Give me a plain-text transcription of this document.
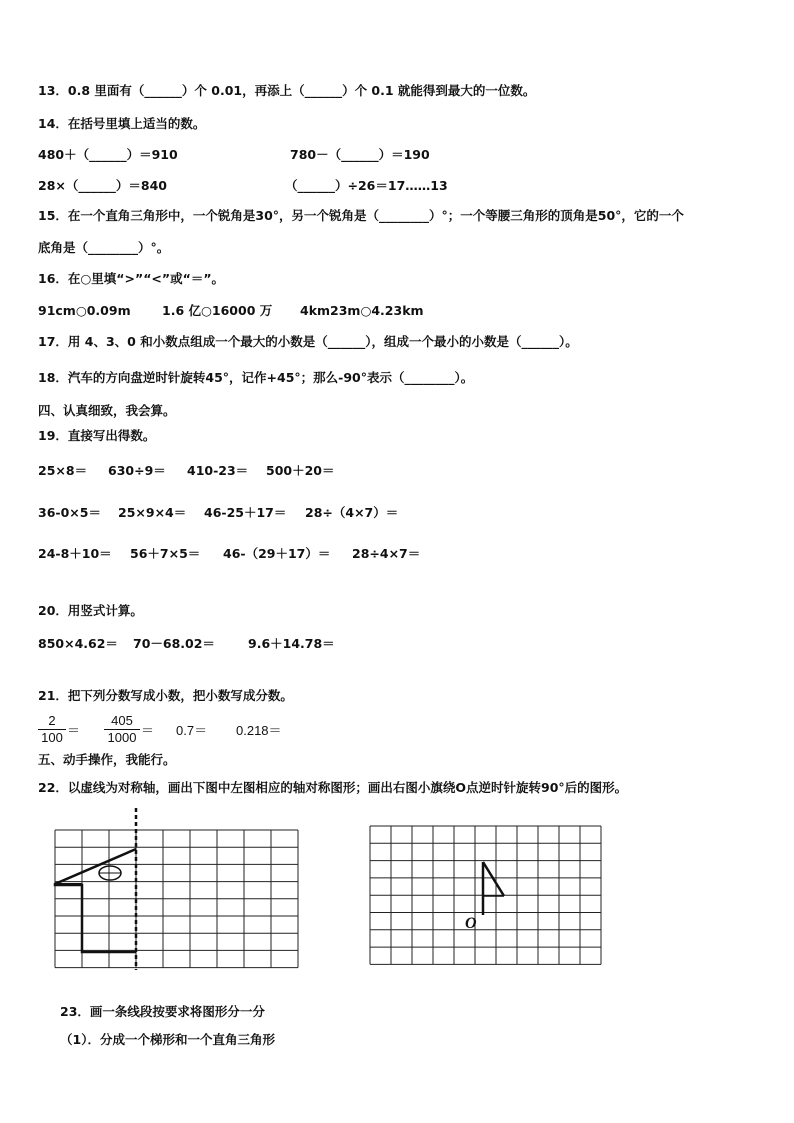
13．0.8 里面有（______）个 0.01，再添上（______）个 0.1 就能得到最大的一位数。
14．在括号里填上适当的数。
480＋（______）＝910	780－（______）＝190
28×（______）＝840	（______）÷26＝17……13
15．在一个直角三角形中，一个锐角是30°，另一个锐角是（________）°；一个等腰三角形的顶角是50°，它的一个
底角是（________）°。
16．在○里填“>”“<”或“＝”。
91cm○0.09m	1.6 亿○16000 万 4km23m○4.23km
17．用 4、3、0 和小数点组成一个最大的小数是（______），组成一个最小的小数是（______）。
18．汽车的方向盘逆时针旋转45°，记作+45°；那么-90°表示（________）。
四、认真细致，我会算。
19．直接写出得数。
25×8＝ 630÷9＝ 410-23＝ 500＋20＝
36-0×5＝ 25×9×4＝ 46-25＋17＝ 28÷（4×7）＝
24-8＋10＝ 56＋7×5＝ 46-（29＋17）＝ 28÷4×7＝
20．用竖式计算。
850×4.62＝ 70－68.02＝	9.6＋14.78＝
21．把下列分数写成小数，把小数写成分数。
$\frac{2}{100} = \frac{405}{1000} = 0.7= 0.218=$
五、动手操作，我能行。
22．以虚线为对称轴，画出下图中左图相应的轴对称图形；画出右图小旗绕O点逆时针旋转90°后的图形。
O
23．画一条线段按要求将图形分一分
（1）．分成一个梯形和一个直角三角形
